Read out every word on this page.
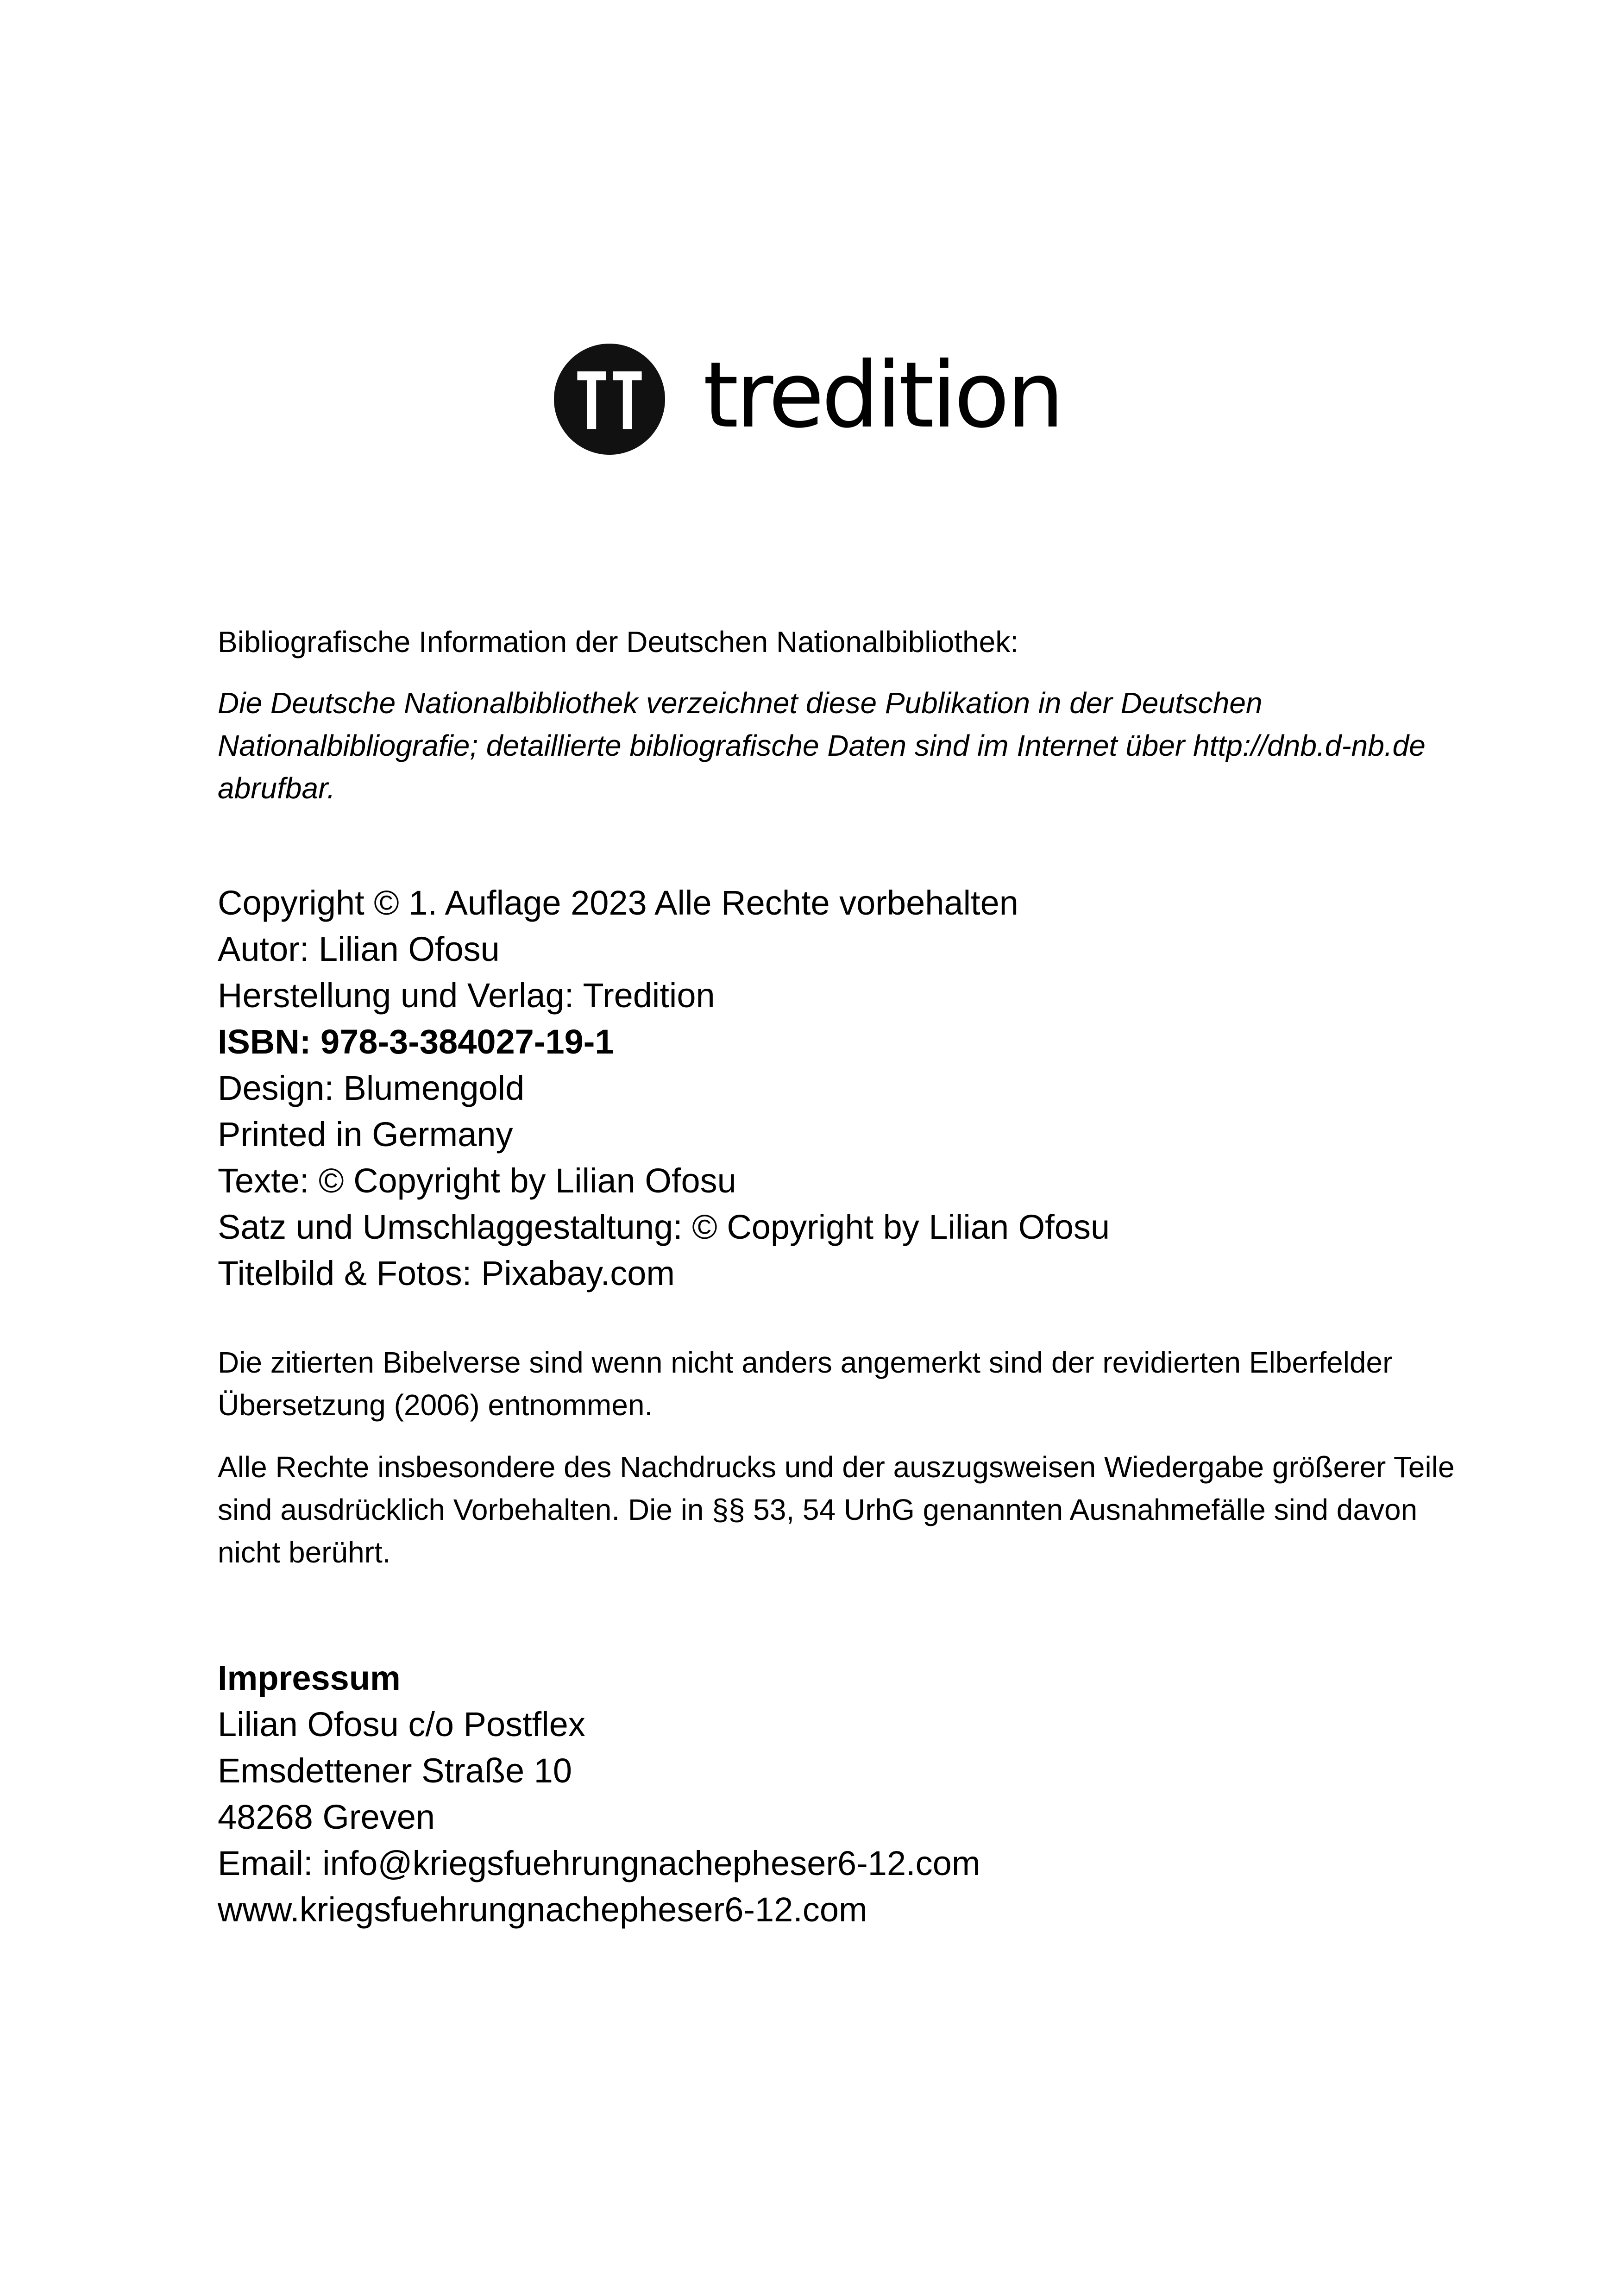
tredition

Bibliografische Information der Deutschen Nationalbibliothek:

Die Deutsche Nationalbibliothek verzeichnet diese Publikation in der Deutschen Nationalbibliografie; detaillierte bibliografische Daten sind im Internet über http://dnb.d-nb.de abrufbar.

Copyright © 1. Auflage 2023 Alle Rechte vorbehalten
Autor: Lilian Ofosu
Herstellung und Verlag: Tredition
ISBN: 978-3-384027-19-1
Design: Blumengold
Printed in Germany
Texte: © Copyright by Lilian Ofosu
Satz und Umschlaggestaltung: © Copyright by Lilian Ofosu
Titelbild & Fotos: Pixabay.com

Die zitierten Bibelverse sind wenn nicht anders angemerkt sind der revidierten Elberfelder Übersetzung (2006) entnommen.

Alle Rechte insbesondere des Nachdrucks und der auszugsweisen Wiedergabe größerer Teile sind ausdrücklich Vorbehalten. Die in §§ 53, 54 UrhG genannten Ausnahmefälle sind davon nicht berührt.

Impressum
Lilian Ofosu c/o Postflex
Emsdettener Straße 10
48268 Greven
Email: info@kriegsfuehrungnachepheser6-12.com
www.kriegsfuehrungnachepheser6-12.com
